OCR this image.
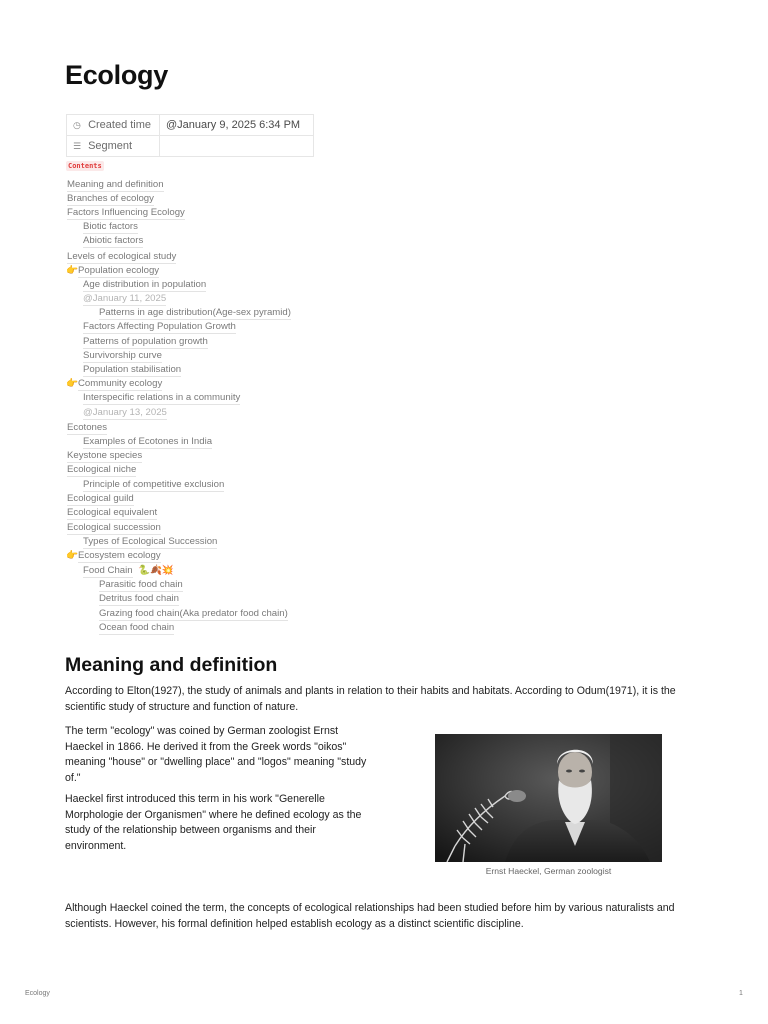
Ecology
◷ Created time	@January 9, 2025 6:34 PM
☰ Segment	
Contents
Meaning and definition
Branches of ecology
Factors Influencing Ecology
Biotic factors
Abiotic factors
Levels of ecological study
👉 Population ecology
Age distribution in population
@January 11, 2025
Patterns in age distribution(Age-sex pyramid)
Factors Affecting Population Growth
Patterns of population growth
Survivorship curve
Population stabilisation
👉 Community ecology
Interspecific relations in a community
@January 13, 2025
Ecotones
Examples of Ecotones in India
Keystone species
Ecological niche
Principle of competitive exclusion
Ecological guild
Ecological equivalent
Ecological succession
Types of Ecological Succession
👉 Ecosystem ecology
Food Chain 🐍🍂💥
Parasitic food chain
Detritus food chain
Grazing food chain(Aka predator food chain)
Ocean food chain
Meaning and definition

According to Elton(1927), the study of animals and plants in relation to their habits and habitats. According to Odum(1971), it is the scientific study of structure and function of nature.

The term "ecology" was coined by German zoologist Ernst Haeckel in 1866. He derived it from the Greek words "oikos" meaning "house" or "dwelling place" and "logos" meaning "study of."

Haeckel first introduced this term in his work "Generelle Morphologie der Organismen" where he defined ecology as the study of the relationship between organisms and their environment.

Ernst Haeckel, German zoologist

Although Haeckel coined the term, the concepts of ecological relationships had been studied before him by various naturalists and scientists. However, his formal definition helped establish ecology as a distinct scientific discipline.

Ecology	1
